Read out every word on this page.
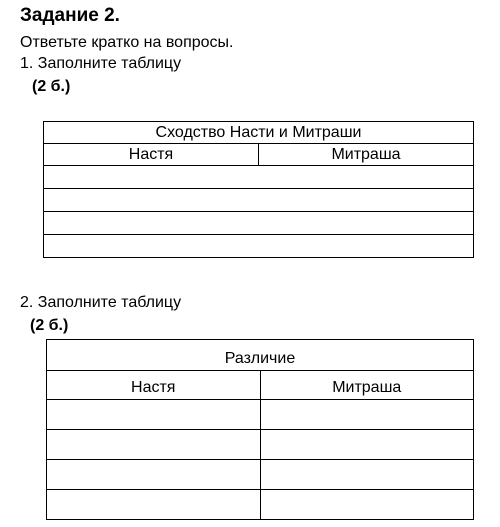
Задание 2.
Ответьте кратко на вопросы.
1. Заполните таблицу
(2 б.)
Сходство Насти и Митраши
Настя	Митраша

2. Заполните таблицу
(2 б.)
Различие	
Настя	Митраша
